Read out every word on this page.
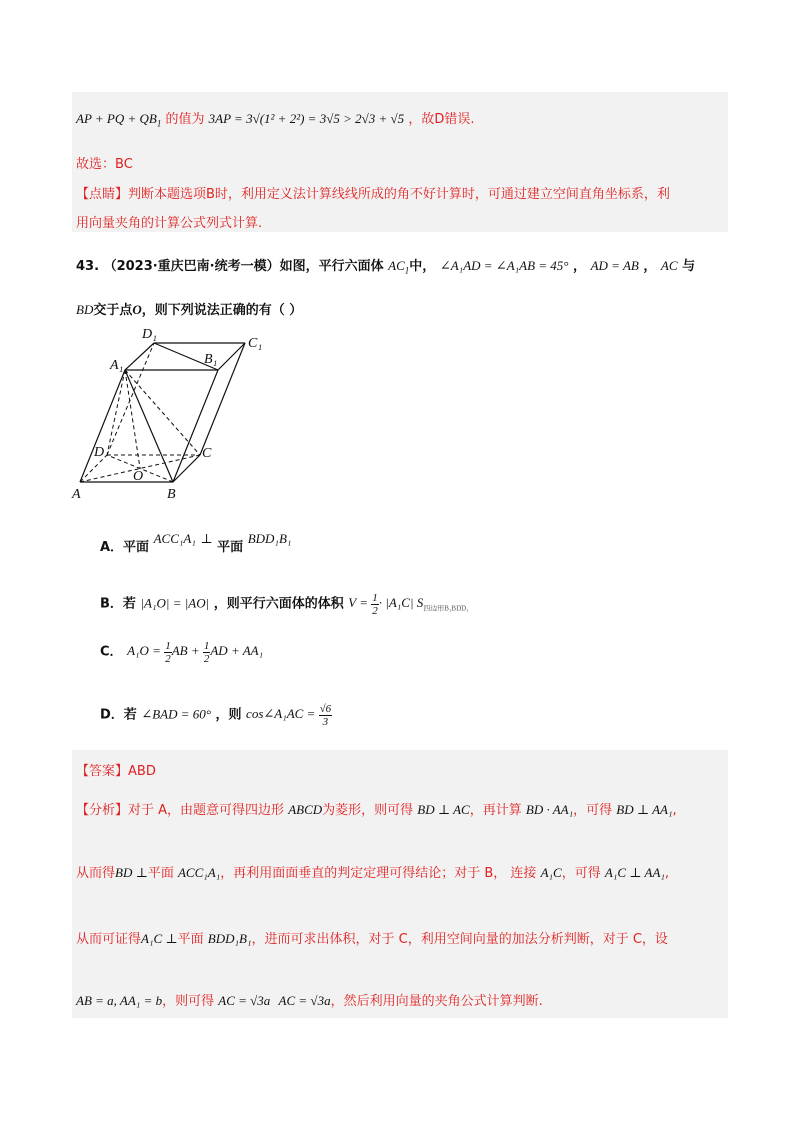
AP + PQ + $QB_1$ 的值为 3AP = 3√(1² + 2²) = 3√5 > 2√3 + √5 ，故D错误.
故选：BC
【点睛】判断本题选项B时，利用定义法计算线线所成的角不好计算时，可通过建立空间直角坐标系，利
用向量夹角的计算公式列式计算.
43. （2023·重庆巴南·统考一模）如图，平行六面体 $AC_1$中， ∠A₁AD = ∠A₁AB = 45° ， AD = AB ， AC 与
BD交于点O，则下列说法正确的有（ ）
D₁
C₁
A₁	B₁
D	C
O
A	B
A．平面 ACC₁A₁ ⊥ 平面 BDD₁B₁
B．若 |A₁O| = |AO| ，则平行六面体的体积 $V = \frac{1}{2} \cdot |A_1C|$ $S_{四边形B_1BDD_1}$
C． $A_1O = \frac{1}{2}$ AB + $\frac{1}{2}$ AD + AA₁
D．若 ∠BAD = 60° ，则 cos∠A₁AC = $\frac{√6}{3}$
【答案】ABD
【分析】对于 A，由题意可得四边形 ABCD为菱形，则可得 BD ⊥ AC，再计算 BD · AA₁，可得 BD ⊥ AA₁,
从而得BD ⊥平面 ACC₁A₁，再利用面面垂直的判定定理可得结论；对于 B， 连接 A₁C，可得 A₁C ⊥ AA₁,
从而可证得A₁C ⊥平面 BDD₁B₁，进而可求出体积，对于 C，利用空间向量的加法分析判断，对于 C，设
AB = a, AA₁ = b，则可得 AC = √3a AC = √3a，然后利用向量的夹角公式计算判断.
